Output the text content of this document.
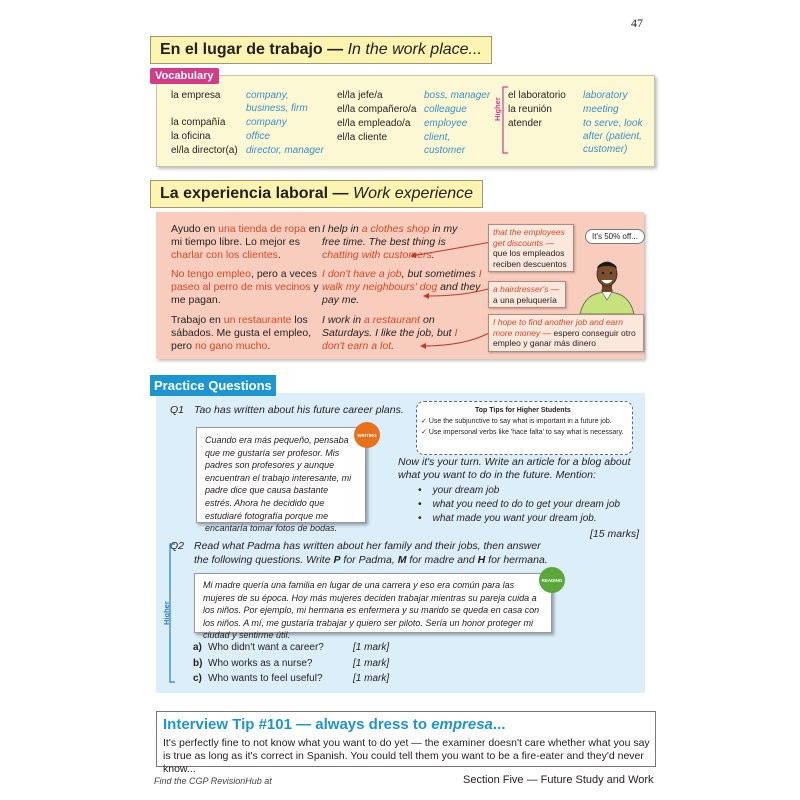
47
En el lugar de trabajo — In the work place...
la empresa	company,
business, firm
la compañía company
la oficina	office
el/la director(a) director, manager
el/la jefe/a	boss, manager
el/la compañero/a colleague
el/la empleado/a employee
el/la cliente	client,
customer
Higher
el laboratorio laboratory
la reunión	meeting
atender	to serve, look
after (patient,
customer)
Vocabulary
La experiencia laboral — Work experience
Ayudo en una tienda de ropa en mi tiempo libre. Lo mejor es charlar con los clientes.
I help in a clothes shop in my free time. The best thing is chatting with customers.
No tengo empleo, pero a veces paseo al perro de mis vecinos y me pagan.
I don't have a job, but sometimes I walk my neighbours' dog and they pay me.
Trabajo en un restaurante los sábados. Me gusta el empleo, pero no gano mucho.
I work in a restaurant on Saturdays. I like the job, but I don't earn a lot.
that the employees get discounts —
que los empleados reciben descuentos
a hairdresser's —
a una peluquería
I hope to find another job and earn more money — espero conseguir otro empleo y ganar más dinero
It's 50% off...
Q1 Tao has written about his future career plans.
Cuando era más pequeño, pensaba que me gustaría ser profesor. Mis padres son profesores y aunque encuentran el trabajo interesante, mi padre dice que causa bastante estrés. Ahora he decidido que estudiaré fotografía porque me encantaría tomar fotos de bodas.
WRITING
Top Tips for Higher Students
✓ Use the subjunctive to say what is important in a future job.
✓ Use impersonal verbs like 'hace falta' to say what is necessary.
Now it's your turn. Write an article for a blog about what you want to do in the future. Mention:
• your dream job
• what you need to do to get your dream job
• what made you want your dream job.
[15 marks]
Q2 Read what Padma has written about her family and their jobs, then answer
the following questions. Write P for Padma, M for madre and H for hermana.
Higher
Mi madre quería una familia en lugar de una carrera y eso era común para las mujeres de su época. Hoy más mujeres deciden trabajar mientras su pareja cuida a los niños. Por ejemplo, mi hermana es enfermera y su marido se queda en casa con los niños. A mí, me gustaría trabajar y quiero ser piloto. Sería un honor proteger mi ciudad y sentirme útil.
READING
a) Who didn't want a career?	[1 mark]
b) Who works as a nurse?	[1 mark]
c) Who wants to feel useful?	[1 mark]
Practice Questions
Interview Tip #101 — always dress to empresa...
It's perfectly fine to not know what you want to do yet — the examiner doesn't care whether what you say is true as long as it's correct in Spanish. You could tell them you want to be a fire-eater and they'd never know...
Find the CGP RevisionHub at	Section Five — Future Study and Work
